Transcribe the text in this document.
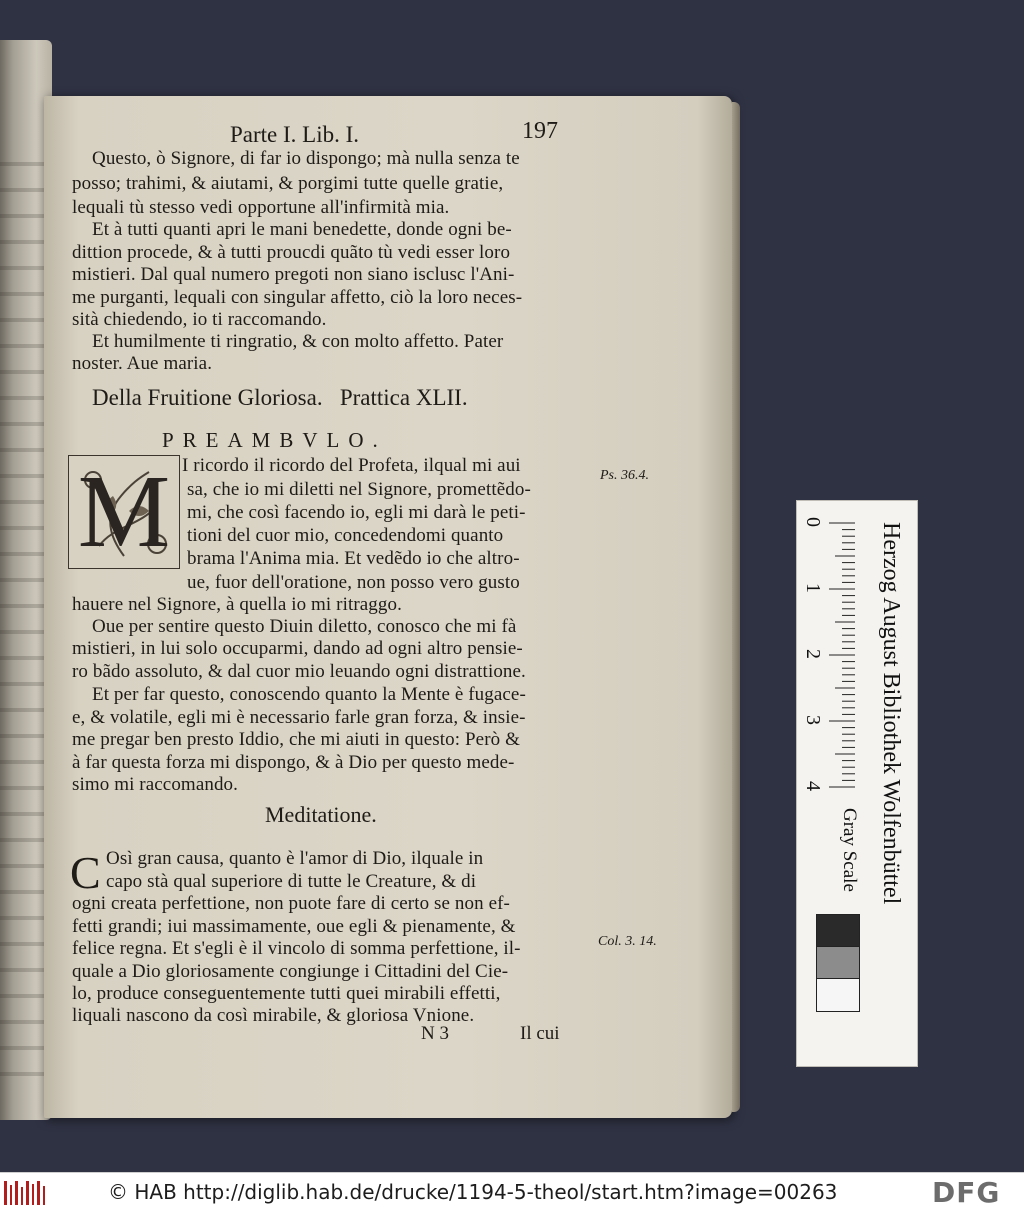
Parte I. Lib. I.	197
Questo, ò Signore, di far io dispongo; mà nulla senza te
posso; trahimi, & aiutami, & porgimi tutte quelle gratie,
lequali tù stesso vedi opportune all'infirmità mia.
Et à tutti quanti apri le mani benedette, donde ogni be-
dittion procede, & à tutti proucdi quãto tù vedi esser loro
mistieri. Dal qual numero pregoti non siano isclusc l'Ani-
me purganti, lequali con singular affetto, ciò la loro neces-
sità chiedendo, io ti raccomando.
Et humilmente ti ringratio, & con molto affetto. Pater
noster. Aue maria.
Della Fruitione Gloriosa.   Prattica XLII.
PREAMBVLO.
M I ricordo il ricordo del Profeta, ilqual mi aui
sa, che io mi diletti nel Signore, promettẽdo-
mi, che così facendo io, egli mi darà le peti-
tioni del cuor mio, concedendomi quanto
brama l'Anima mia. Et vedẽdo io che altro-
ue, fuor dell'oratione, non posso vero gusto
hauere nel Signore, à quella io mi ritraggo.
Oue per sentire questo Diuin diletto, conosco che mi fà
mistieri, in lui solo occuparmi, dando ad ogni altro pensie-
ro bãdo assoluto, & dal cuor mio leuando ogni distrattione.
Et per far questo, conoscendo quanto la Mente è fugace-
e, & volatile, egli mi è necessario farle gran forza, & insie-
me pregar ben presto Iddio, che mi aiuti in questo: Però &
à far questa forza mi dispongo, & à Dio per questo mede-
simo mi raccomando.
Meditatione.
C Osì gran causa, quanto è l'amor di Dio, ilquale in
capo stà qual superiore di tutte le Creature, & di
ogni creata perfettione, non puote fare di certo se non ef-
fetti grandi; iui massimamente, oue egli & pienamente, &
felice regna. Et s'egli è il vincolo di somma perfettione, il-
quale a Dio gloriosamente congiunge i Cittadini del Cie-
lo, produce conseguentemente tutti quei mirabili effetti,
liquali nascono da così mirabile, & gloriosa Vnione.
Ps. 36.4.
Col. 3. 14.
N 3	Il cui
0
1
2
3
4 Herzog August Bibliothek Wolfenbüttel
Gray Scale
© HAB http://diglib.hab.de/drucke/1194-5-theol/start.htm?image=00263	DFG
